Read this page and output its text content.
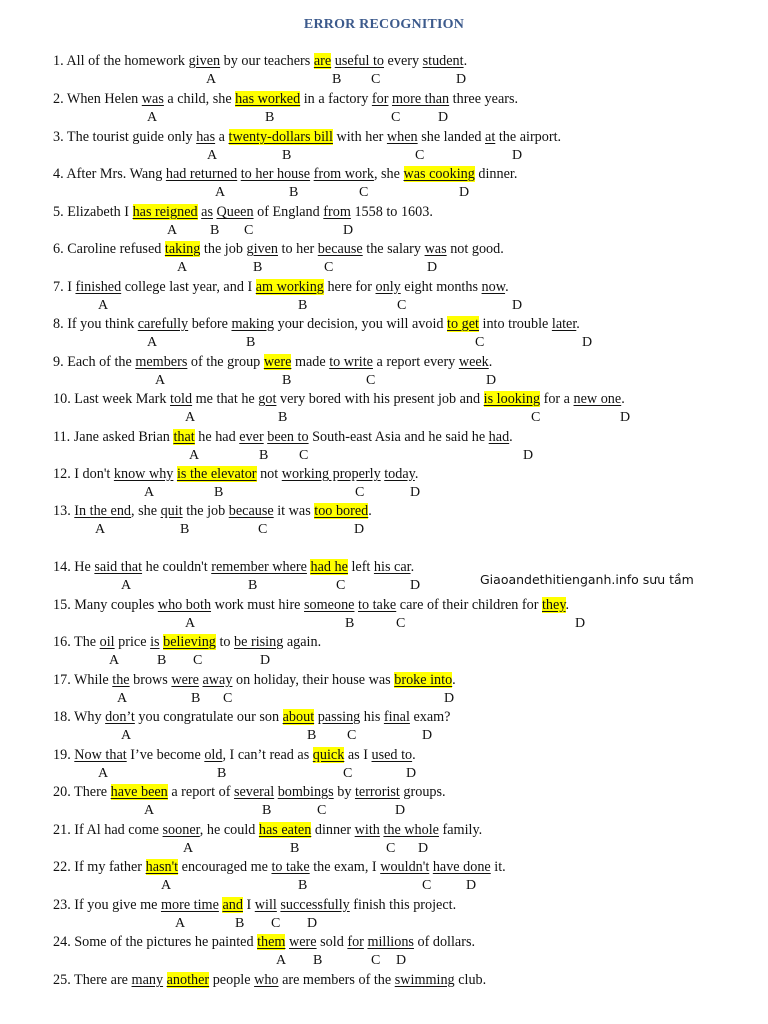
ERROR RECOGNITION
1. All of the homework given by our teachers are useful to every student.
2. When Helen was a child, she has worked in a factory for more than three years.
3. The tourist guide only has a twenty-dollars bill with her when she landed at the airport.
4. After Mrs. Wang had returned to her house from work, she was cooking dinner.
5. Elizabeth I has reigned as Queen of England from 1558 to 1603.
6. Caroline refused taking the job given to her because the salary was not good.
7. I finished college last year, and I am working here for only eight months now.
8. If you think carefully before making your decision, you will avoid to get into trouble later.
9. Each of the members of the group were made to write a report every week.
10. Last week Mark told me that he got very bored with his present job and is looking for a new one.
11. Jane asked Brian that he had ever been to South-east Asia and he said he had.
12. I don't know why is the elevator not working properly today.
13. In the end, she quit the job because it was too bored.
14. He said that he couldn't remember where had he left his car.
15. Many couples who both work must hire someone to take care of their children for they.
16. The oil price is believing to be rising again.
17. While the brows were away on holiday, their house was broke into.
18. Why don’t you congratulate our son about passing his final exam?
19. Now that I’ve become old, I can’t read as quick as I used to.
20. There have been a report of several bombings by terrorist groups.
21. If Al had come sooner, he could has eaten dinner with the whole family.
22. If my father hasn't encouraged me to take the exam, I wouldn't have done it.
23. If you give me more time and I will successfully finish this project.
24. Some of the pictures he painted them were sold for millions of dollars.
25. There are many another people who are members of the swimming club.
A	B C	D
A	B	C	D
A	B	C	D
A	B	C	D
A B C	D
A	B	C	D
A	B	C	D
A	B	C	D
A	B	C	D
A	B	C	D
A	B C	D
A	B	C	D
A	B	C	D
A	B	C	D
A	B	C	D
A	B C	D
A	B C	D
A	B C	D
A	B	C	D
A	B	C	D
A	B	C D
A	B	C D
A	B C D
A B	C D
Giaoandethitienganh.info sưu tầm
